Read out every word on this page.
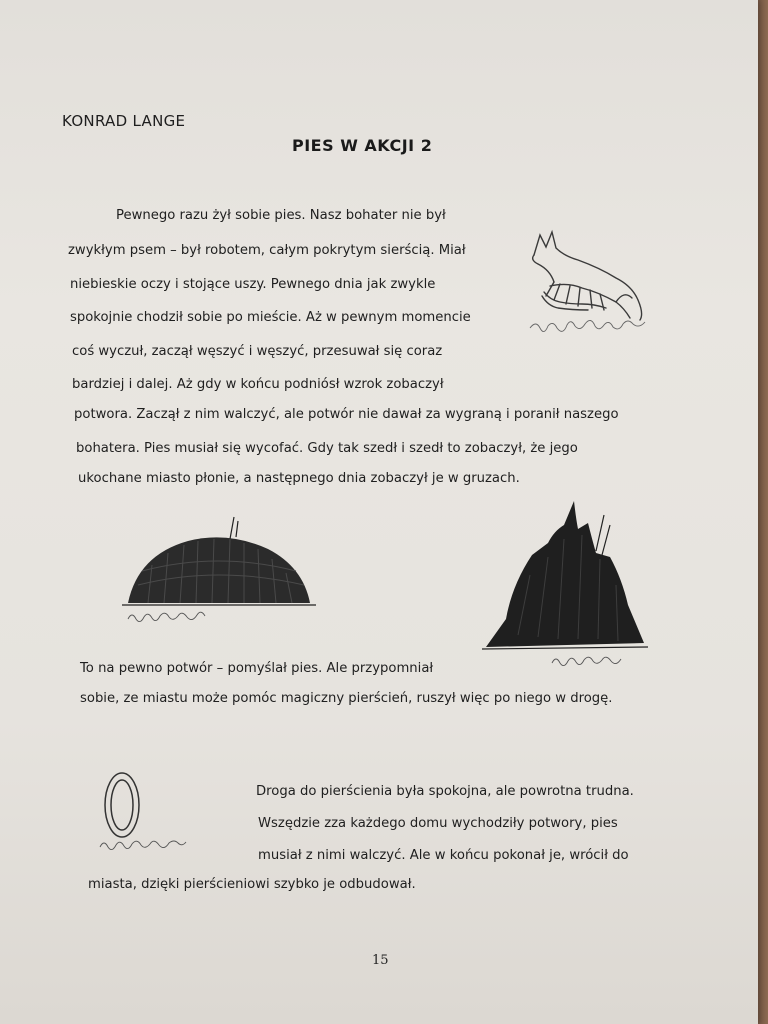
KONRAD LANGE
PIES W AKCJI 2
Pewnego razu żył sobie pies. Nasz bohater nie był
zwykłym psem – był robotem, całym pokrytym sierścią. Miał
niebieskie oczy i stojące uszy. Pewnego dnia jak zwykle
spokojnie chodził sobie po mieście. Aż w pewnym momencie
coś wyczuł, zaczął węszyć i węszyć, przesuwał się coraz
bardziej i dalej. Aż gdy w końcu podniósł wzrok zobaczył
potwora. Zaczął z nim walczyć, ale potwór nie dawał za wygraną i poranił naszego
bohatera. Pies musiał się wycofać. Gdy tak szedł i szedł to zobaczył, że jego
ukochane miasto płonie, a następnego dnia zobaczył je w gruzach.
To na pewno potwór – pomyślał pies. Ale przypomniał
sobie, ze miastu może pomóc magiczny pierścień, ruszył więc po niego w drogę.
Droga do pierścienia była spokojna, ale powrotna trudna.
Wszędzie zza każdego domu wychodziły potwory, pies
musiał z nimi walczyć. Ale w końcu pokonał je, wrócił do
miasta, dzięki pierścieniowi szybko je odbudował.
15
